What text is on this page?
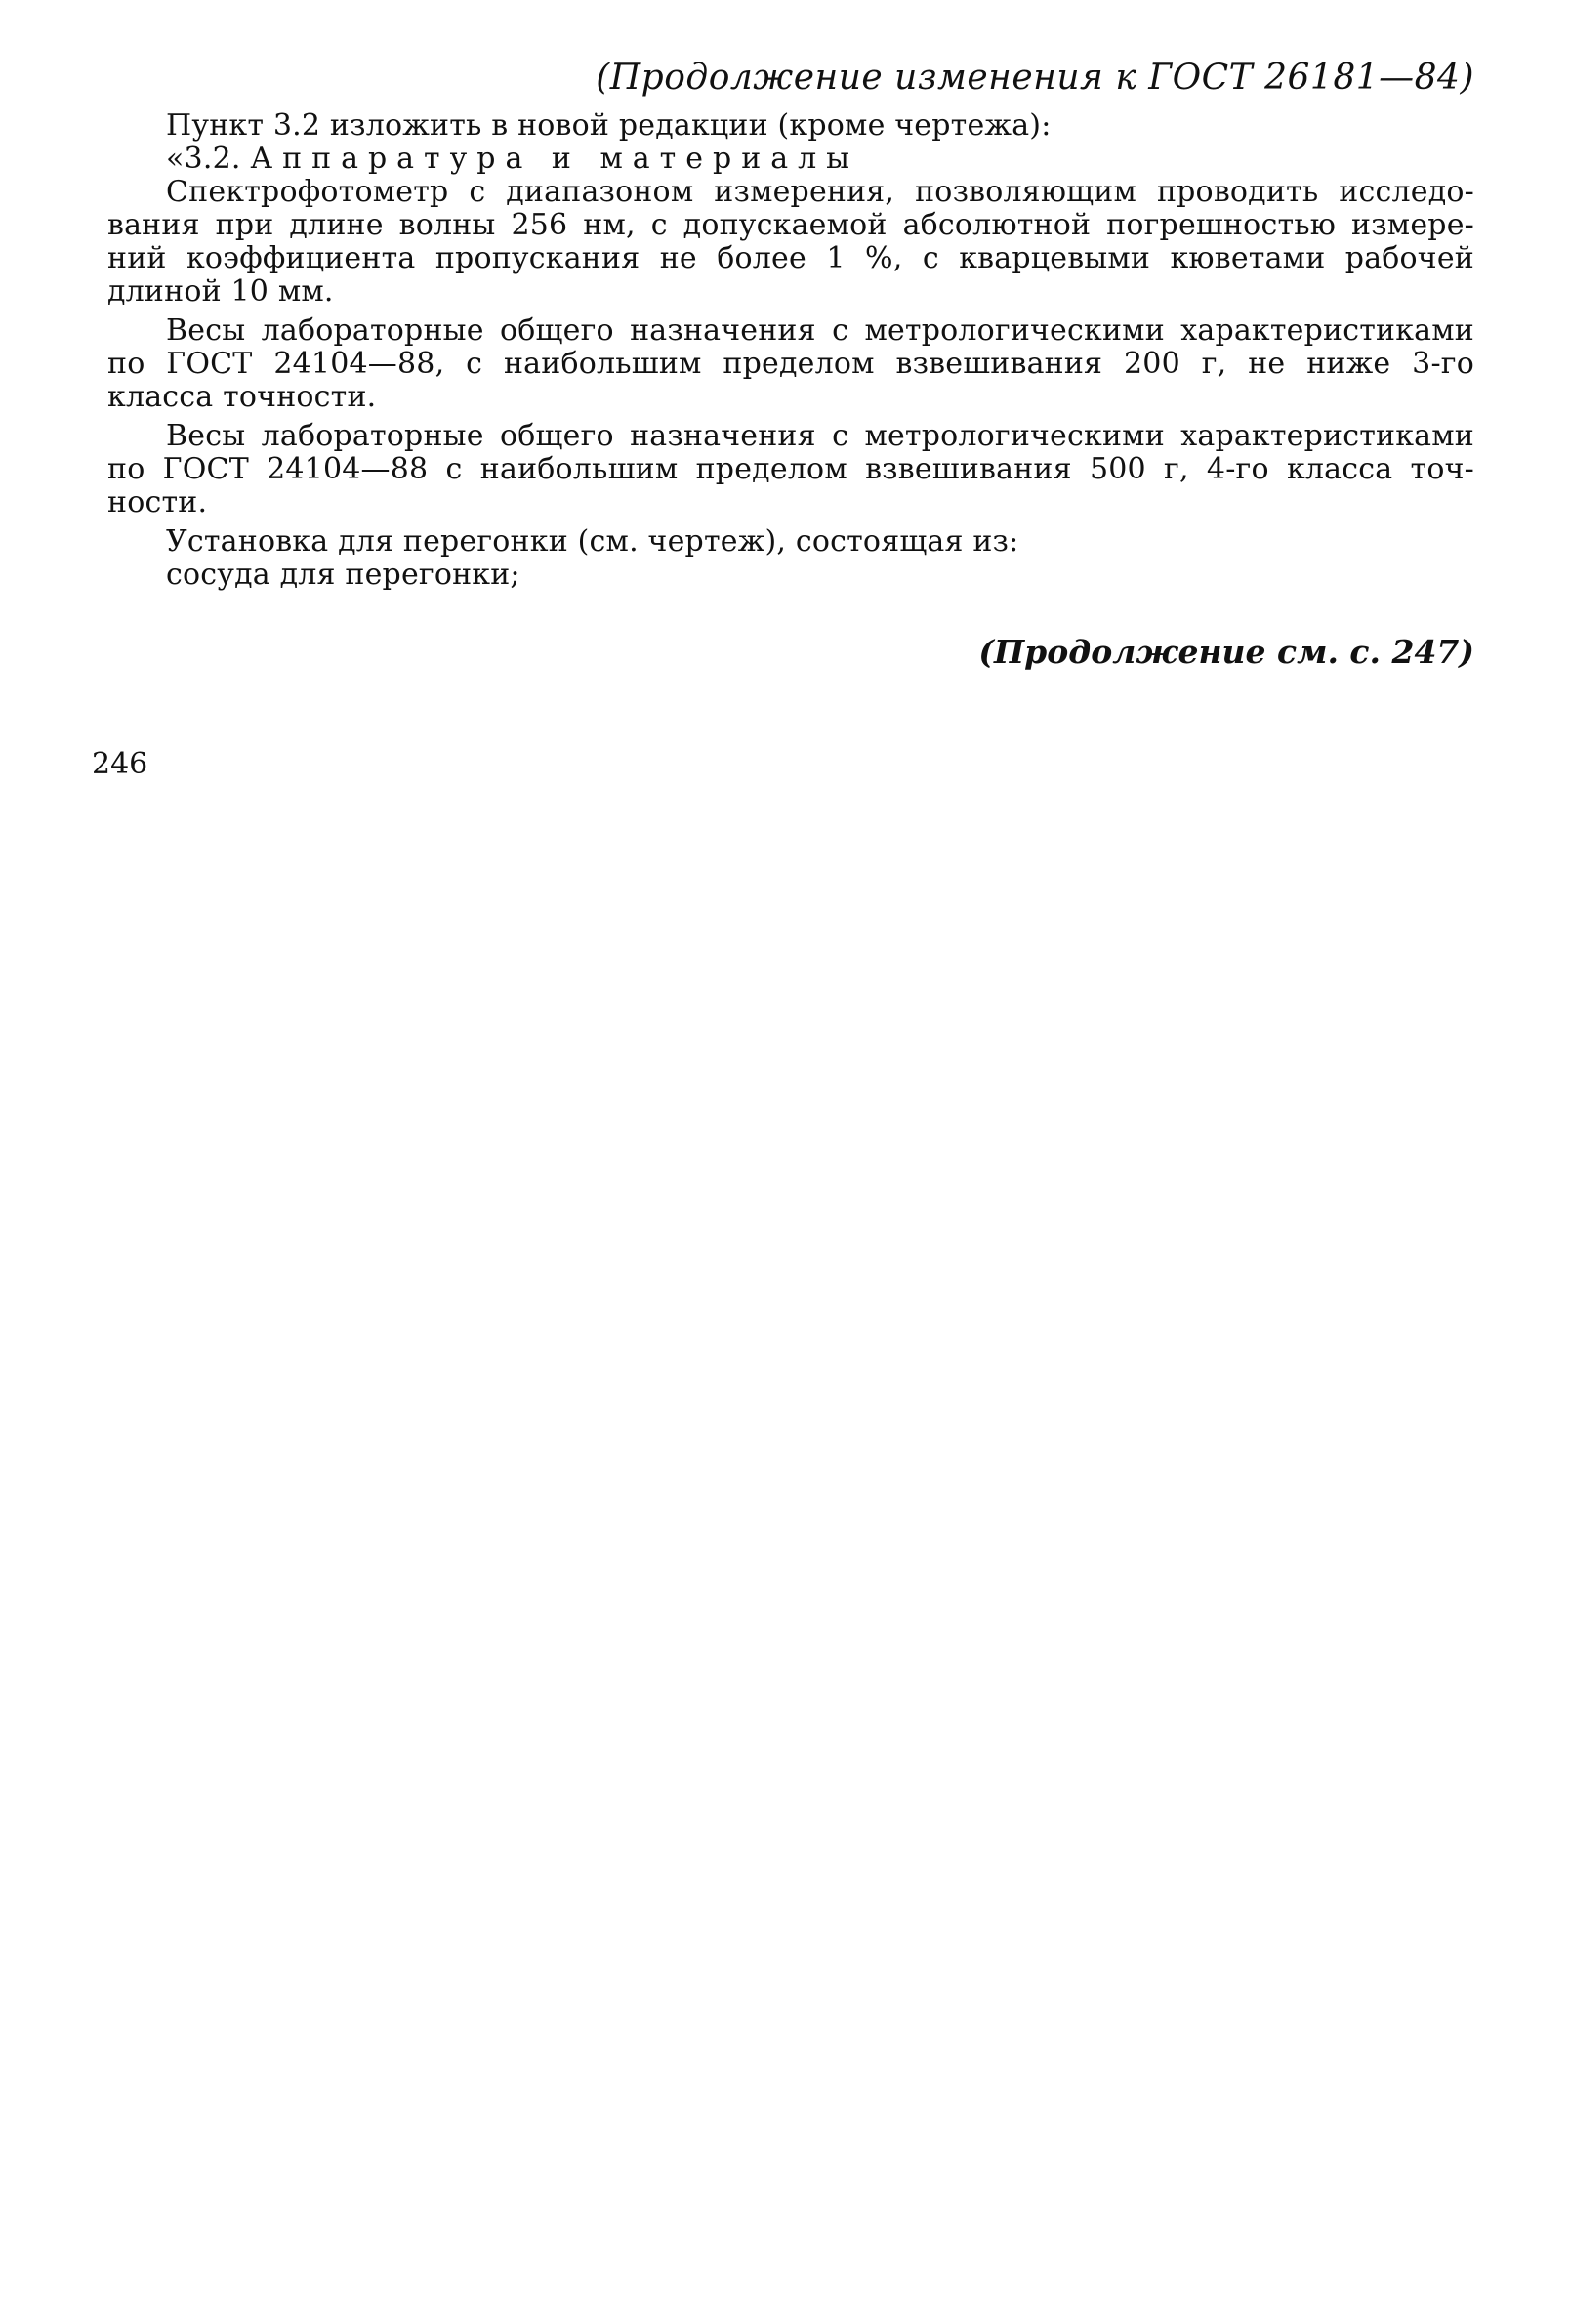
(Продолжение изменения к ГОСТ 26181—84)
Пункт 3.2 изложить в новой редакции (кроме чертежа):
«3.2. Аппаратура и материалы
Спектрофотометр с диапазоном измерения, позволяющим проводить исследо-
вания при длине волны 256 нм, с допускаемой абсолютной погрешностью измере-
ний коэффициента пропускания не более 1 %, с кварцевыми кюветами рабочей
длиной 10 мм.
Весы лабораторные общего назначения с метрологическими характеристиками
по ГОСТ 24104—88, с наибольшим пределом взвешивания 200 г, не ниже 3-го
класса точности.
Весы лабораторные общего назначения с метрологическими характеристиками
по ГОСТ 24104—88 с наибольшим пределом взвешивания 500 г, 4-го класса точ-
ности.
Установка для перегонки (см. чертеж), состоящая из:
сосуда для перегонки;
(Продолжение см. с. 247)
246
